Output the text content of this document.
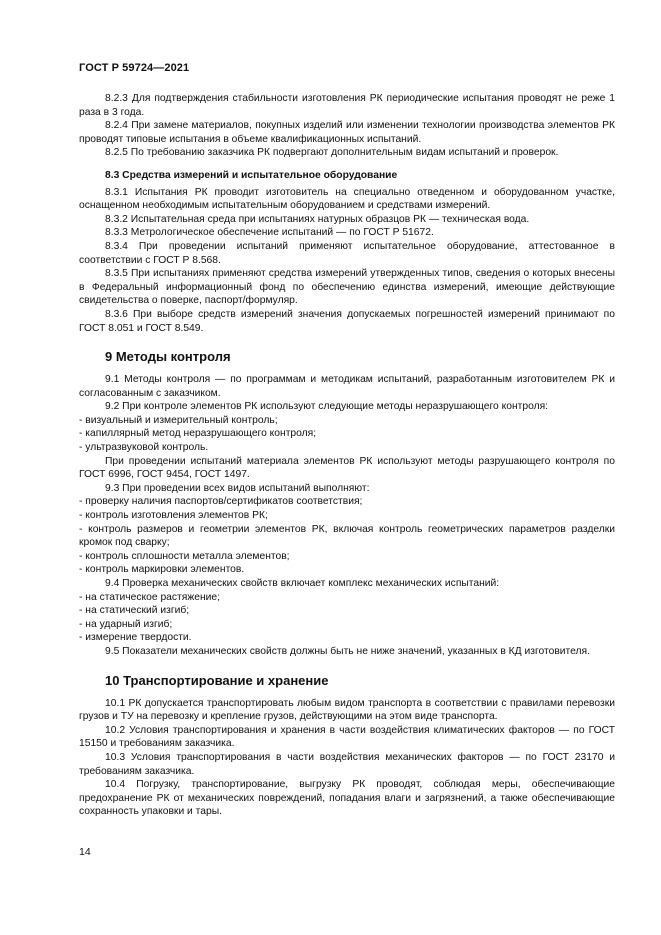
ГОСТ Р 59724—2021
8.2.3 Для подтверждения стабильности изготовления РК периодические испытания проводят не реже 1 раза в 3 года.
8.2.4 При замене материалов, покупных изделий или изменении технологии производства элементов РК проводят типовые испытания в объеме квалификационных испытаний.
8.2.5 По требованию заказчика РК подвергают дополнительным видам испытаний и проверок.
8.3 Средства измерений и испытательное оборудование
8.3.1 Испытания РК проводит изготовитель на специально отведенном и оборудованном участке, оснащенном необходимым испытательным оборудованием и средствами измерений.
8.3.2 Испытательная среда при испытаниях натурных образцов РК — техническая вода.
8.3.3 Метрологическое обеспечение испытаний — по ГОСТ Р 51672.
8.3.4 При проведении испытаний применяют испытательное оборудование, аттестованное в соответствии с ГОСТ Р 8.568.
8.3.5 При испытаниях применяют средства измерений утвержденных типов, сведения о которых внесены в Федеральный информационный фонд по обеспечению единства измерений, имеющие действующие свидетельства о поверке, паспорт/формуляр.
8.3.6 При выборе средств измерений значения допускаемых погрешностей измерений принимают по ГОСТ 8.051 и ГОСТ 8.549.
9 Методы контроля
9.1 Методы контроля — по программам и методикам испытаний, разработанным изготовителем РК и согласованным с заказчиком.
9.2 При контроле элементов РК используют следующие методы неразрушающего контроля:
- визуальный и измерительный контроль;
- капиллярный метод неразрушающего контроля;
- ультразвуковой контроль.
При проведении испытаний материала элементов РК используют методы разрушающего контроля по ГОСТ 6996, ГОСТ 9454, ГОСТ 1497.
9.3 При проведении всех видов испытаний выполняют:
- проверку наличия паспортов/сертификатов соответствия;
- контроль изготовления элементов РК;
- контроль размеров и геометрии элементов РК, включая контроль геометрических параметров разделки кромок под сварку;
- контроль сплошности металла элементов;
- контроль маркировки элементов.
9.4 Проверка механических свойств включает комплекс механических испытаний:
- на статическое растяжение;
- на статический изгиб;
- на ударный изгиб;
- измерение твердости.
9.5 Показатели механических свойств должны быть не ниже значений, указанных в КД изготовителя.
10 Транспортирование и хранение
10.1 РК допускается транспортировать любым видом транспорта в соответствии с правилами перевозки грузов и ТУ на перевозку и крепление грузов, действующими на этом виде транспорта.
10.2 Условия транспортирования и хранения в части воздействия климатических факторов — по ГОСТ 15150 и требованиям заказчика.
10.3 Условия транспортирования в части воздействия механических факторов — по ГОСТ 23170 и требованиям заказчика.
10.4 Погрузку, транспортирование, выгрузку РК проводят, соблюдая меры, обеспечивающие предохранение РК от механических повреждений, попадания влаги и загрязнений, а также обеспечивающие сохранность упаковки и тары.
14
